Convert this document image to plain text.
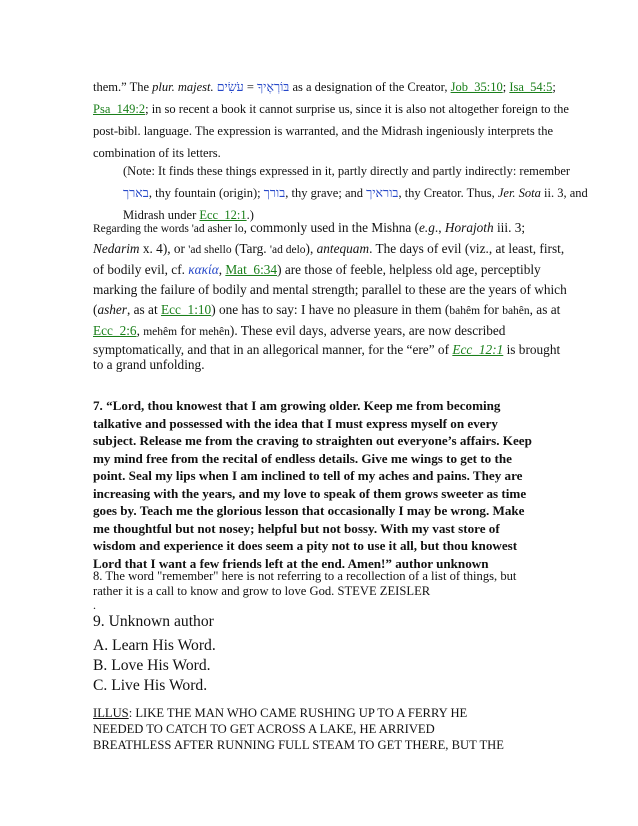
them.” The plur. majest.	בּוֹרְאֶיךָ = עֹשִׂים	as a designation of the Creator, Job_35:10; Isa_54:5;
Psa_149:2; in so recent a book it cannot surprise us, since it is also not altogether foreign to the
post-bibl. language. The expression is warranted, and the Midrash ingeniously interprets the
combination of its letters.
(Note: It finds these things expressed in it, partly directly and partly indirectly: remember
בארך, thy fountain (origin); בורך, thy grave; and בוראיך, thy Creator. Thus, Jer. Sota ii. 3, and
Midrash under Ecc_12:1.)
Regarding the words 'ad asher lo, commonly used in the Mishna (e.g., Horajoth iii. 3;
Nedarim x. 4), or 'ad shello (Targ. 'ad delo), antequam. The days of evil (viz., at least, first,
of bodily evil, cf. κακία, Mat_6:34) are those of feeble, helpless old age, perceptibly
marking the failure of bodily and mental strength; parallel to these are the years of which
(asher, as at Ecc_1:10) one has to say: I have no pleasure in them (bahêm for bahên, as at
Ecc_2:6, mehêm for mehên). These evil days, adverse years, are now described
symptomatically, and that in an allegorical manner, for the “ere” of Ecc_12:1 is brought
to a grand unfolding.
7. “Lord, thou knowest that I am growing older. Keep me from becoming
talkative and possessed with the idea that I must express myself on every
subject. Release me from the craving to straighten out everyone’s affairs. Keep
my mind free from the recital of endless details. Give me wings to get to the
point. Seal my lips when I am inclined to tell of my aches and pains. They are
increasing with the years, and my love to speak of them grows sweeter as time
goes by. Teach me the glorious lesson that occasionally I may be wrong. Make
me thoughtful but not nosey; helpful but not bossy. With my vast store of
wisdom and experience it does seem a pity not to use it all, but thou knowest
Lord that I want a few friends left at the end. Amen!” author unknown
8. The word "remember" here is not referring to a recollection of a list of things, but
rather it is a call to know and grow to love God. STEVE ZEISLER
.
9. Unknown author
A. Learn His Word.
B. Love His Word.
C. Live His Word.
ILLUS: LIKE THE MAN WHO CAME RUSHING UP TO A FERRY HE
NEEDED TO CATCH TO GET ACROSS A LAKE, HE ARRIVED
BREATHLESS AFTER RUNNING FULL STEAM TO GET THERE, BUT THE
